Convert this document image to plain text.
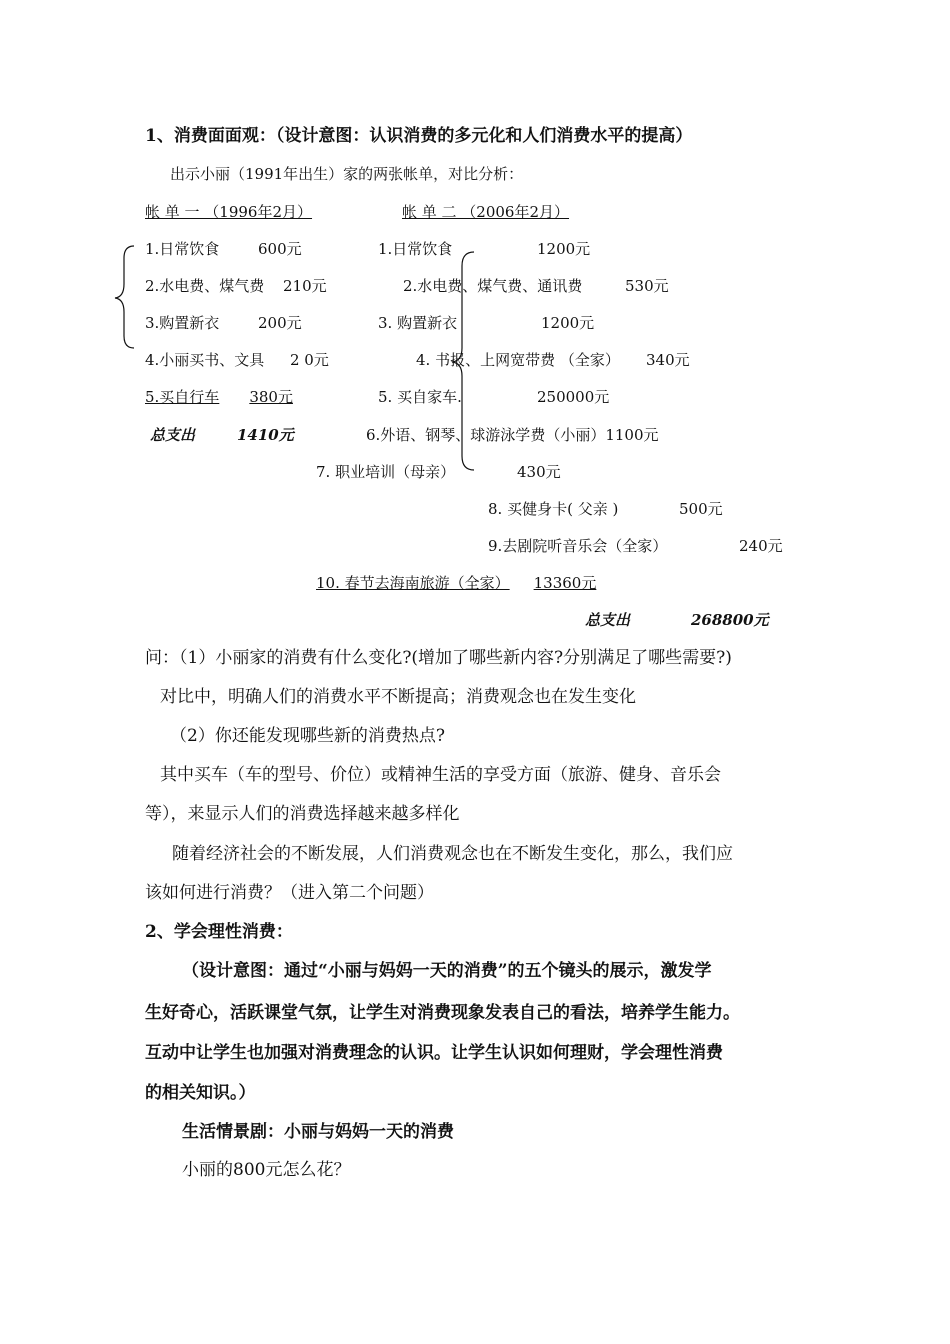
1、消费面面观：（设计意图：认识消费的多元化和人们消费水平的提高）
出示小丽（1991年出生）家的两张帐单，对比分析：
帐 单 一 （1996年2月）	帐 单 二 （2006年2月）
1.日常饮食	600元
2.水电费、煤气费 210元
3.购置新衣	200元
4.小丽买书、文具 2 0元
5.买自行车 380元
总支出	1410元
1.日常饮食	1200元
2.水电费、煤气费、通讯费	530元
3. 购置新衣	1200元
4. 书报、上网宽带费 （全家） 340元
5. 买自家车.	250000元
6.外语、钢琴、球游泳学费（小丽）1100元
7. 职业培训（母亲）	430元
8. 买健身卡( 父亲 )	500元
9.去剧院听音乐会（全家）	240元
10. 春节去海南旅游（全家） 13360元
总支出	268800元
问：（1）小丽家的消费有什么变化?(增加了哪些新内容?分别满足了哪些需要?)
对比中，明确人们的消费水平不断提高；消费观念也在发生变化
（2）你还能发现哪些新的消费热点?
其中买车（车的型号、价位）或精神生活的享受方面（旅游、健身、音乐会
等），来显示人们的消费选择越来越多样化
随着经济社会的不断发展，人们消费观念也在不断发生变化，那么，我们应
该如何进行消费？（进入第二个问题）
2、学会理性消费：
（设计意图：通过“小丽与妈妈一天的消费”的五个镜头的展示，激发学
生好奇心，活跃课堂气氛，让学生对消费现象发表自己的看法，培养学生能力。
互动中让学生也加强对消费理念的认识。让学生认识如何理财，学会理性消费
的相关知识。）
生活情景剧：小丽与妈妈一天的消费
小丽的800元怎么花？
